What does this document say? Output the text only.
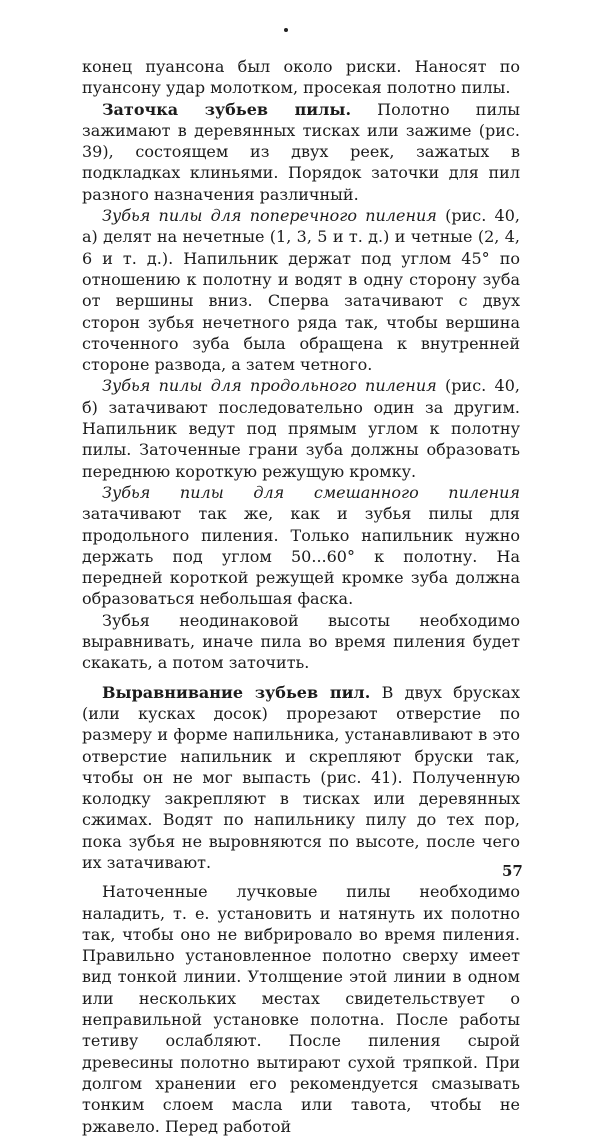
конец пуансона был около риски. Наносят по пуансону удар молотком, просекая полотно пилы.

Заточка зубьев пилы. Полотно пилы зажимают в деревянных тисках или зажиме (рис. 39), состоящем из двух реек, зажатых в подкладках клиньями. Порядок заточки для пил разного назначения различный.

Зубья пилы для поперечного пиления (рис. 40, а) делят на нечетные (1, 3, 5 и т. д.) и четные (2, 4, 6 и т. д.). Напильник держат под углом 45° по отношению к полотну и водят в одну сторону зуба от вершины вниз. Сперва затачивают с двух сторон зубья нечетного ряда так, чтобы вершина сточенного зуба была обращена к внутренней стороне развода, а затем четного.

Зубья пилы для продольного пиления (рис. 40, б) затачивают последовательно один за другим. Напильник ведут под прямым углом к полотну пилы. Заточенные грани зуба должны образовать переднюю короткую режущую кромку.

Зубья пилы для смешанного пиления затачивают так же, как и зубья пилы для продольного пиления. Только напильник нужно держать под углом 50...60° к полотну. На передней короткой режущей кромке зуба должна образоваться небольшая фаска.

Зубья неодинаковой высоты необходимо выравнивать, иначе пила во время пиления будет скакать, а потом заточить.

Выравнивание зубьев пил. В двух брусках (или кусках досок) прорезают отверстие по размеру и форме напильника, устанавливают в это отверстие напильник и скрепляют бруски так, чтобы он не мог выпасть (рис. 41). Полученную колодку закрепляют в тисках или деревянных сжимах. Водят по напильнику пилу до тех пор, пока зубья не выровняются по высоте, после чего их затачивают.

Наточенные лучковые пилы необходимо наладить, т. е. установить и натянуть их полотно так, чтобы оно не вибрировало во время пиления. Правильно установленное полотно сверху имеет вид тонкой линии. Утолщение этой линии в одном или нескольких местах свидетельствует о неправильной установке полотна. После работы тетиву ослабляют. После пиления сырой древесины полотно вытирают сухой тряпкой. При долгом хранении его рекомендуется смазывать тонким слоем масла или тавота, чтобы не ржавело. Перед работой

57
